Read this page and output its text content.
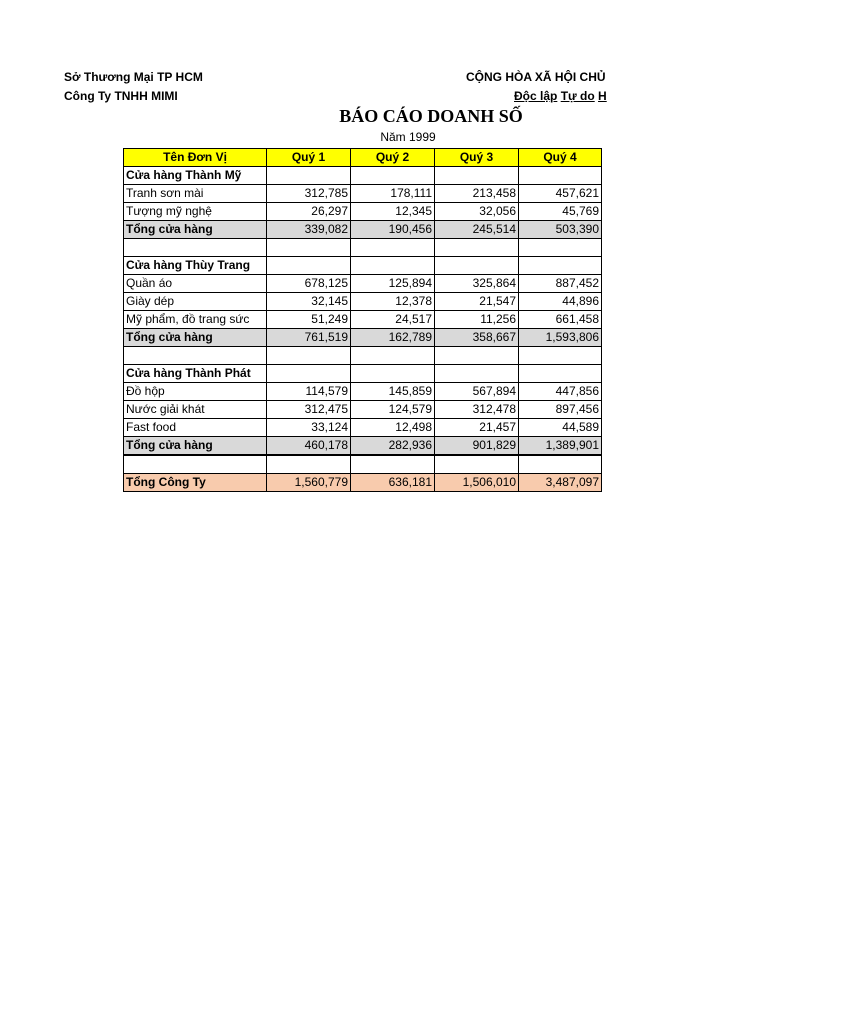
Sở Thương Mại TP HCM
Công Ty TNHH MIMI
CỘNG HÒA XÃ HỘI CHỦ
Độc lập Tự do H
BÁO CÁO DOANH SỐ
Năm 1999
Tên Đơn Vị	Quý 1	Quý 2	Quý 3	Quý 4
Cửa hàng Thành Mỹ				
Tranh sơn mài	312,785	178,111	213,458	457,621
Tượng mỹ nghệ	26,297	12,345	32,056	45,769
Tổng cửa hàng	339,082	190,456	245,514	503,390

Cửa hàng Thùy Trang				
Quần áo	678,125	125,894	325,864	887,452
Giày dép	32,145	12,378	21,547	44,896
Mỹ phẩm, đồ trang sức	51,249	24,517	11,256	661,458
Tổng cửa hàng	761,519	162,789	358,667	1,593,806

Cửa hàng Thành Phát				
Đồ hộp	114,579	145,859	567,894	447,856
Nước giải khát	312,475	124,579	312,478	897,456
Fast food	33,124	12,498	21,457	44,589
Tổng cửa hàng	460,178	282,936	901,829	1,389,901

Tổng Công Ty	1,560,779	636,181	1,506,010	3,487,097
